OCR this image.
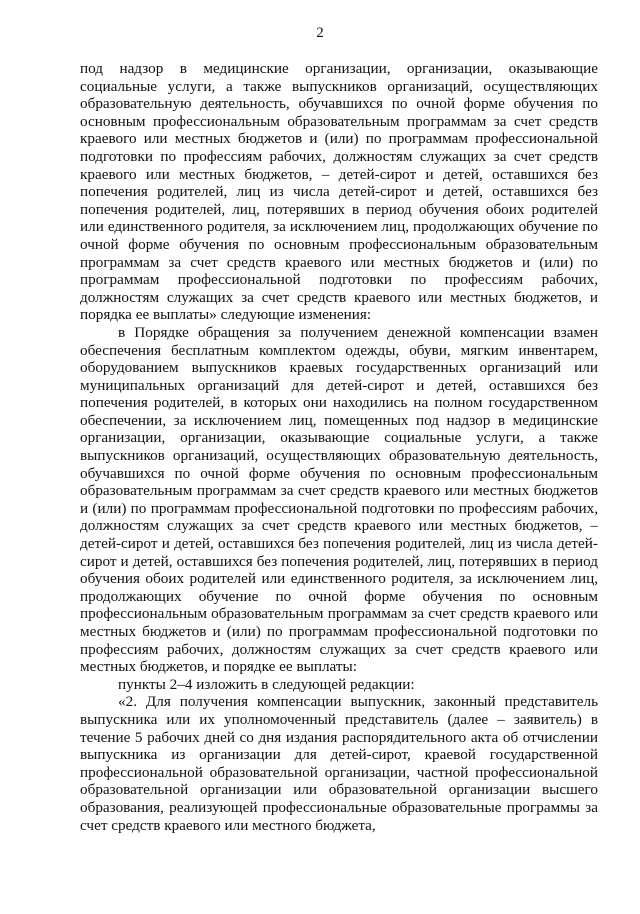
2

под надзор в медицинские организации, организации, оказывающие социальные услуги, а также выпускников организаций, осуществляющих образовательную деятельность, обучавшихся по очной форме обучения по основным профессиональным образовательным программам за счет средств краевого или местных бюджетов и (или) по программам профессиональной подготовки по профессиям рабочих, должностям служащих за счет средств краевого или местных бюджетов, – детей-сирот и детей, оставшихся без попечения родителей, лиц из числа детей-сирот и детей, оставшихся без попечения родителей, лиц, потерявших в период обучения обоих родителей или единственного родителя, за исключением лиц, продолжающих обучение по очной форме обучения по основным профессиональным образовательным программам за счет средств краевого или местных бюджетов и (или) по программам профессиональной подготовки по профессиям рабочих, должностям служащих за счет средств краевого или местных бюджетов, и порядка ее выплаты» следующие изменения:

в Порядке обращения за получением денежной компенсации взамен обеспечения бесплатным комплектом одежды, обуви, мягким инвентарем, оборудованием выпускников краевых государственных организаций или муниципальных организаций для детей-сирот и детей, оставшихся без попечения родителей, в которых они находились на полном государственном обеспечении, за исключением лиц, помещенных под надзор в медицинские организации, организации, оказывающие социальные услуги, а также выпускников организаций, осуществляющих образовательную деятельность, обучавшихся по очной форме обучения по основным профессиональным образовательным программам за счет средств краевого или местных бюджетов и (или) по программам профессиональной подготовки по профессиям рабочих, должностям служащих за счет средств краевого или местных бюджетов, – детей-сирот и детей, оставшихся без попечения родителей, лиц из числа детей-сирот и детей, оставшихся без попечения родителей, лиц, потерявших в период обучения обоих родителей или единственного родителя, за исключением лиц, продолжающих обучение по очной форме обучения по основным профессиональным образовательным программам за счет средств краевого или местных бюджетов и (или) по программам профессиональной подготовки по профессиям рабочих, должностям служащих за счет средств краевого или местных бюджетов, и порядке ее выплаты:

пункты 2–4 изложить в следующей редакции:

«2. Для получения компенсации выпускник, законный представитель выпускника или их уполномоченный представитель (далее – заявитель) в течение 5 рабочих дней со дня издания распорядительного акта об отчислении выпускника из организации для детей-сирот, краевой государственной профессиональной образовательной организации, частной профессиональной образовательной организации или образовательной организации высшего образования, реализующей профессиональные образовательные программы за счет средств краевого или местного бюджета,
